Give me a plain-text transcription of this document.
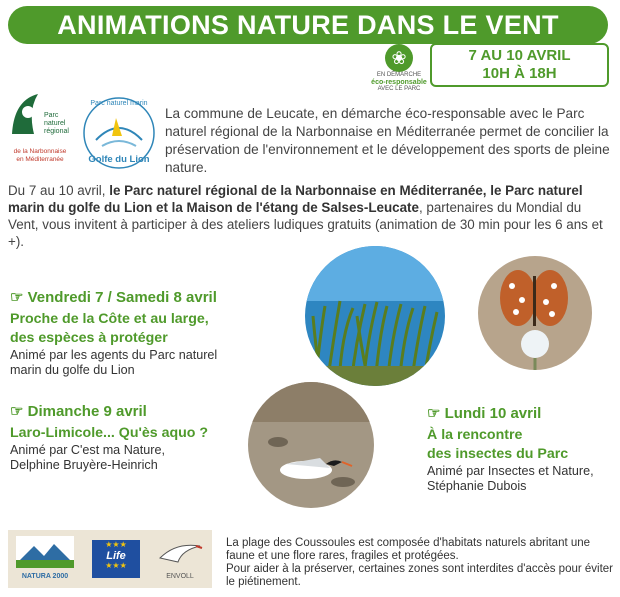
ANIMATIONS NATURE DANS LE VENT
❀
EN DÉMARCHE
éco-responsable
AVEC LE PARC
7 AU 10 AVRIL
10H À 18H
Parc
naturel
régional
de la Narbonnaise
en Méditerranée
Parc naturel marin
Golfe du Lion
La commune de Leucate, en démarche éco-responsable avec le Parc naturel régional de la Narbonnaise en Méditerranée permet de concilier la préservation de l'environnement et le développement des sports de pleine nature.
Du 7 au 10 avril, le Parc naturel régional de la Narbonnaise en Méditerranée, le Parc naturel marin du golfe du Lion et la Maison de l'étang de Salses-Leucate, partenaires du Mondial du Vent, vous invitent à participer à des ateliers ludiques gratuits (animation de 30 min pour les 6 ans et +).
☞ Vendredi 7 / Samedi 8 avril
Proche de la Côte et au large,
des espèces à protéger
Animé par les agents du Parc naturel
marin du golfe du Lion
☞ Dimanche 9 avril
Laro-Limicole... Qu'ès aquo ?
Animé par C'est ma Nature,
Delphine Bruyère-Heinrich
☞ Lundi 10 avril
À la rencontre
des insectes du Parc
Animé par Insectes et Nature,
Stéphanie Dubois
NATURA 2000
★★★
Life
★★★
ENVOLL
La plage des Coussoules est composée d'habitats naturels abritant une faune et une flore rares, fragiles et protégées.
Pour aider à la préserver, certaines zones sont interdites d'accès pour éviter le piétinement.
